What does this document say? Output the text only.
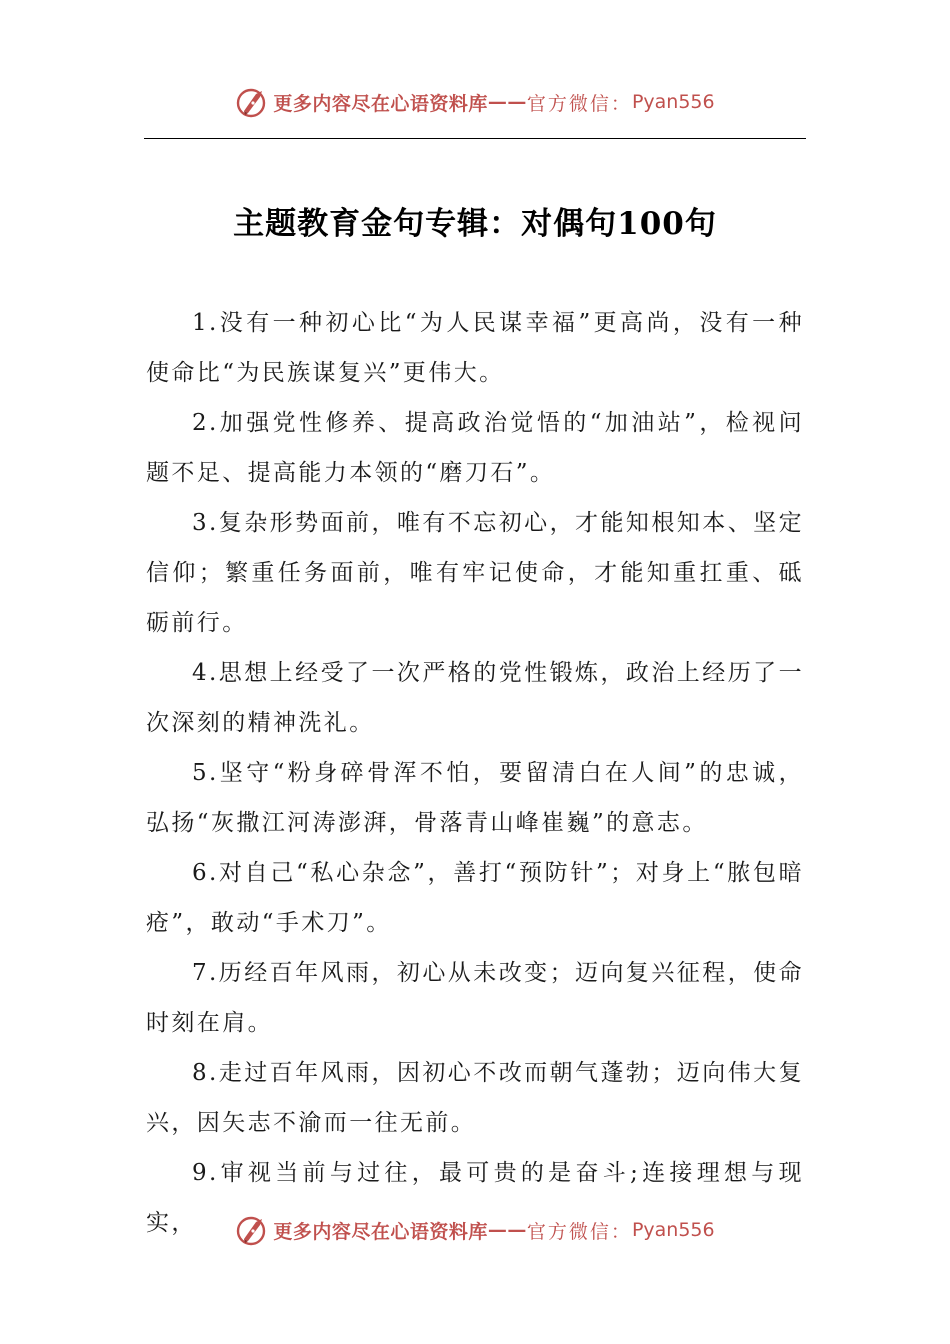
更多内容尽在心语资料库 —— 官方微信： Pyan556
主题教育金句专辑：对偶句100句

1.没有一种初心比“为人民谋幸福”更高尚，没有一种使命比“为民族谋复兴”更伟大。

2.加强党性修养、提高政治觉悟的“加油站”，检视问题不足、提高能力本领的“磨刀石”。

3.复杂形势面前，唯有不忘初心，才能知根知本、坚定信仰；繁重任务面前，唯有牢记使命，才能知重扛重、砥砺前行。

4.思想上经受了一次严格的党性锻炼，政治上经历了一次深刻的精神洗礼。

5.坚守“粉身碎骨浑不怕，要留清白在人间”的忠诚，弘扬“灰撒江河涛澎湃，骨落青山峰崔巍”的意志。

6.对自己“私心杂念”，善打“预防针”；对身上“脓包暗疮”，敢动“手术刀”。

7.历经百年风雨，初心从未改变；迈向复兴征程，使命时刻在肩。

8.走过百年风雨，因初心不改而朝气蓬勃；迈向伟大复兴，因矢志不渝而一往无前。

9.审视当前与过往，最可贵的是奋斗;连接理想与现实，	更多内容尽在心语资料库 —— 官方微信： Pyan556
